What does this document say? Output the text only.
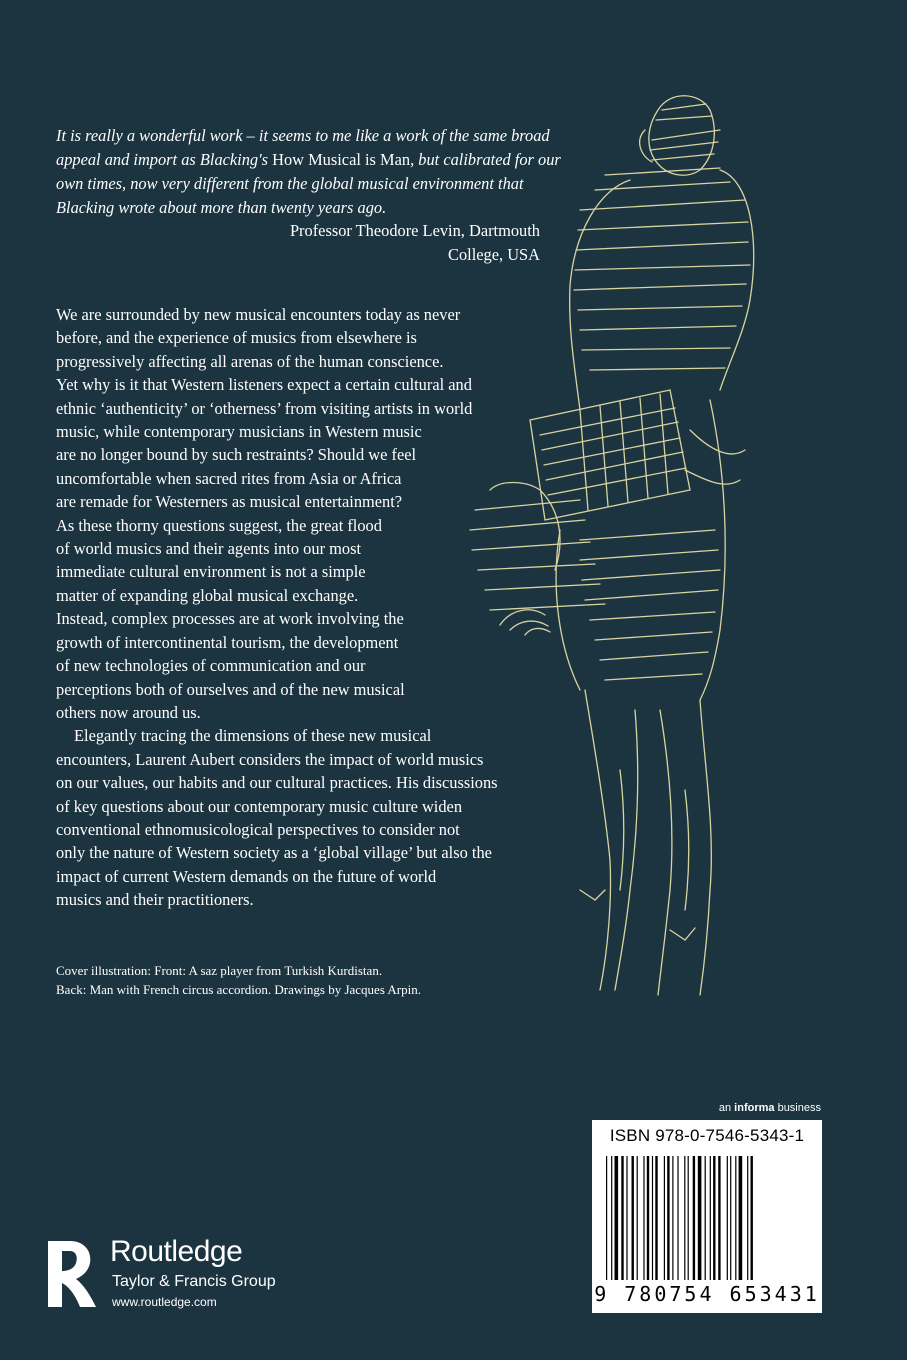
It is really a wonderful work – it seems to me like a work of the same broad
appeal and import as Blacking's How Musical is Man, but calibrated for our
own times, now very different from the global musical environment that
Blacking wrote about more than twenty years ago.
Professor Theodore Levin, Dartmouth
College, USA
We are surrounded by new musical encounters today as never
before, and the experience of musics from elsewhere is
progressively affecting all arenas of the human conscience.
Yet why is it that Western listeners expect a certain cultural and
ethnic ‘authenticity’ or ‘otherness’ from visiting artists in world
music, while contemporary musicians in Western music
are no longer bound by such restraints? Should we feel
uncomfortable when sacred rites from Asia or Africa
are remade for Westerners as musical entertainment?
As these thorny questions suggest, the great flood
of world musics and their agents into our most
immediate cultural environment is not a simple
matter of expanding global musical exchange.
Instead, complex processes are at work involving the
growth of intercontinental tourism, the development
of new technologies of communication and our
perceptions both of ourselves and of the new musical
others now around us.
Elegantly tracing the dimensions of these new musical
encounters, Laurent Aubert considers the impact of world musics
on our values, our habits and our cultural practices. His discussions
of key questions about our contemporary music culture widen
conventional ethnomusicological perspectives to consider not
only the nature of Western society as a ‘global village’ but also the
impact of current Western demands on the future of world
musics and their practitioners.
Cover illustration: Front: A saz player from Turkish Kurdistan.
Back: Man with French circus accordion. Drawings by Jacques Arpin.
an informa business
ISBN 978-0-7546-5343-1
9 780754 653431
ROUTLEDGE
Routledge
Taylor & Francis Group
www.routledge.com
